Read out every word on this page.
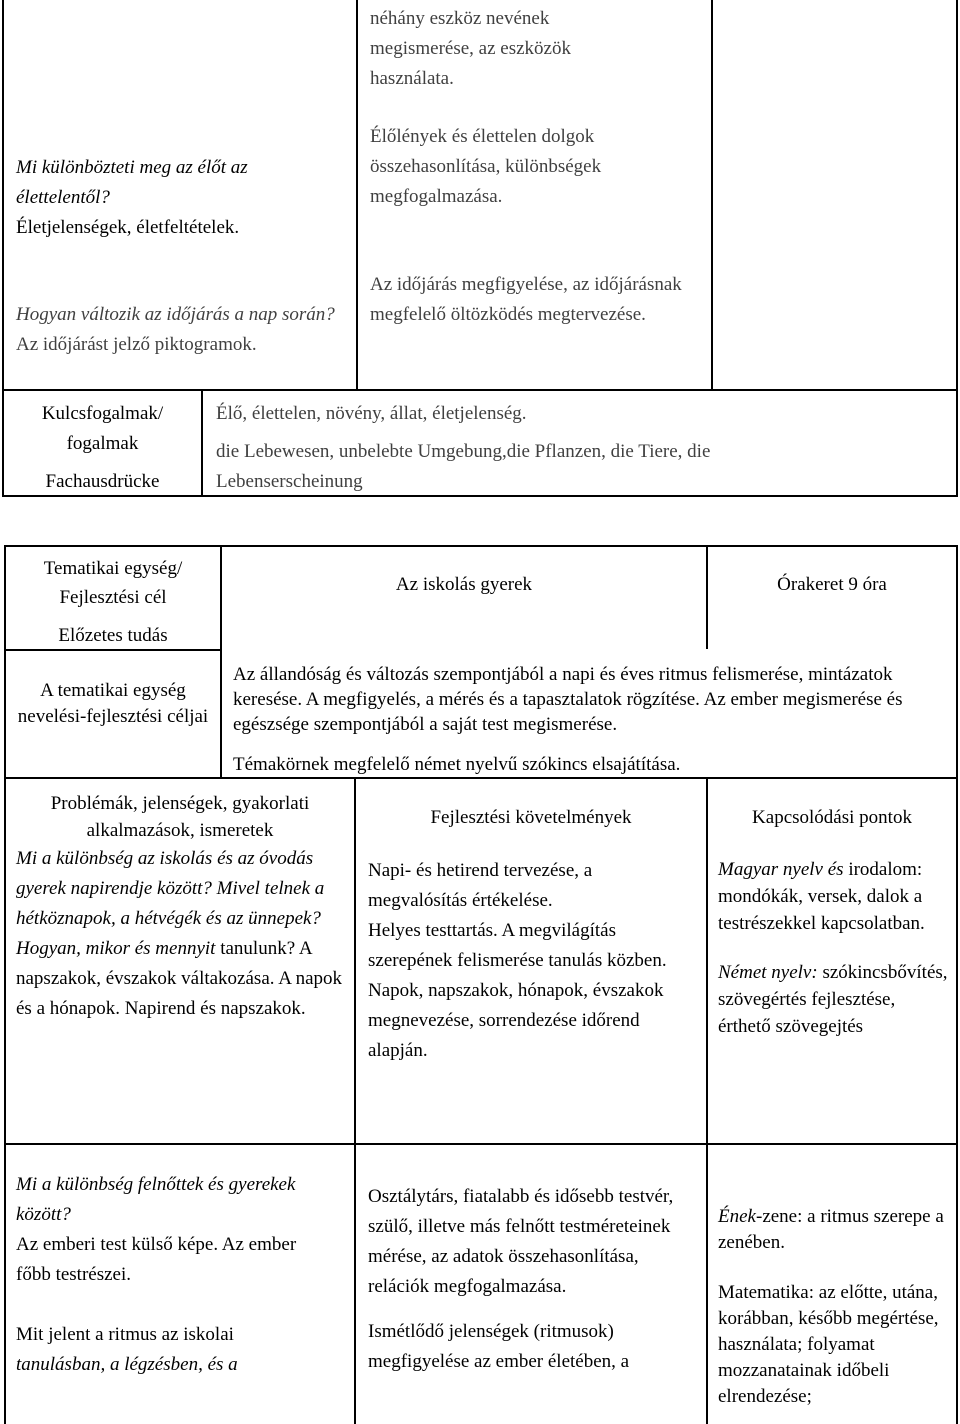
néhány eszköz nevének megismerése, az eszközök használata.

Mi különbözteti meg az élőt az élettelentől?
Életjelenségek, életfeltételek.

Élőlények és élettelen dolgok összehasonlítása, különbségek megfogalmazása.

Hogyan változik az időjárás a nap során?
Az időjárást jelző piktogramok.

Az időjárás megfigyelése, az időjárásnak megfelelő öltözködés megtervezése.

Kulcsfogalmak/
fogalmak
Fachausdrücke

Élő, élettelen, növény, állat, életjelenség.

die Lebewesen, unbelebte Umgebung,die Pflanzen, die Tiere, die Lebenserscheinung

Tematikai egység/ Fejlesztési cél

Az iskolás gyerek	Órakeret 9 óra

Előzetes tudás

A tematikai egység nevelési-fejlesztési céljai

Az állandóság és változás szempontjából a napi és éves ritmus felismerése, mintázatok keresése. A megfigyelés, a mérés és a tapasztalatok rögzítése. Az ember megismerése és egészsége szempontjából a saját test megismerése.

Témakörnek megfelelő német nyelvű szókincs elsajátítása.

Problémák, jelenségek, gyakorlati alkalmazások, ismeretek

Fejlesztési követelmények	Kapcsolódási pontok

Mi a különbség az iskolás és az óvodás gyerek napirendje között? Mivel telnek a hétköznapok, a hétvégék és az ünnepek? Hogyan, mikor és mennyit tanulunk? A napszakok, évszakok váltakozása. A napok és a hónapok. Napirend és napszakok.

Napi- és hetirend tervezése, a megvalósítás értékelése.

Helyes testtartás. A megvilágítás szerepének felismerése tanulás közben.

Napok, napszakok, hónapok, évszakok megnevezése, sorrendezése időrend alapján.

Magyar nyelv és irodalom: mondókák, versek, dalok a testrészekkel kapcsolatban.

Német nyelv: szókincsbővítés, szövegértés fejlesztése, érthető szövegejtés

Mi a különbség felnőttek és gyerekek között?

Az emberi test külső képe. Az ember főbb testrészei.

Mit jelent a ritmus az iskolai

tanulásban, a légzésben, és a

Osztálytárs, fiatalabb és idősebb testvér, szülő, illetve más felnőtt testméreteinek mérése, az adatok összehasonlítása, relációk megfogalmazása.

Ismétlődő jelenségek (ritmusok) megfigyelése az ember életében, a

Ének-zene: a ritmus szerepe a zenében.

Matematika: az előtte, utána, korábban, később megértése, használata; folyamat mozzanatainak időbeli elrendezése;
